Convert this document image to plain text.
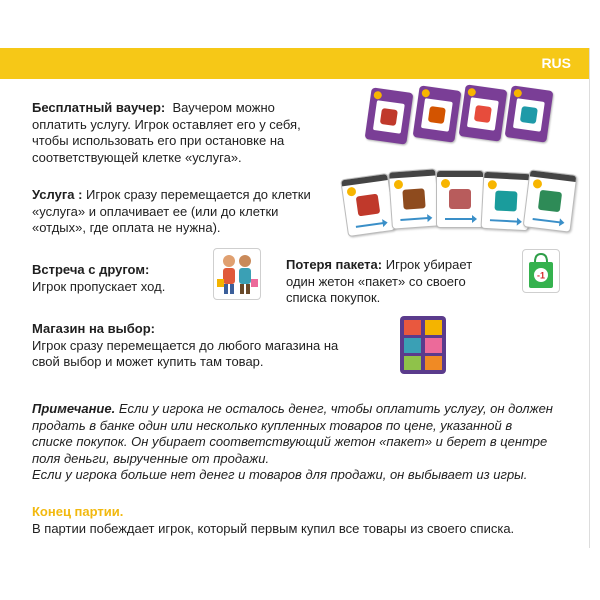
RUS
Бесплатный ваучер: Ваучером можно
оплатить услугу. Игрок оставляет его у себя,
чтобы использовать его при остановке на
соответствующей клетке «услуга».
Услуга : Игрок сразу перемещается до клетки
«услуга» и оплачивает ее (или до клетки
«отдых», где оплата не нужна).
Встреча с другом:
Игрок пропускает ход.
Потеря пакета: Игрок убирает
один жетон «пакет» со своего
списка покупок.
-1
Магазин на выбор:
Игрок сразу перемещается до любого магазина на
свой выбор и может купить там товар.
Примечание. Если у игрока не осталось денег, чтобы оплатить услугу, он должен
продать в банке один или несколько купленных товаров по цене, указанной в
списке покупок. Он убирает соответствующий жетон «пакет» и берет в центре
поля деньги, вырученные от продажи.
Если у игрока больше нет денег и товаров для продажи, он выбывает из игры.
Конец партии.
В партии побеждает игрок, который первым купил все товары из своего списка.
